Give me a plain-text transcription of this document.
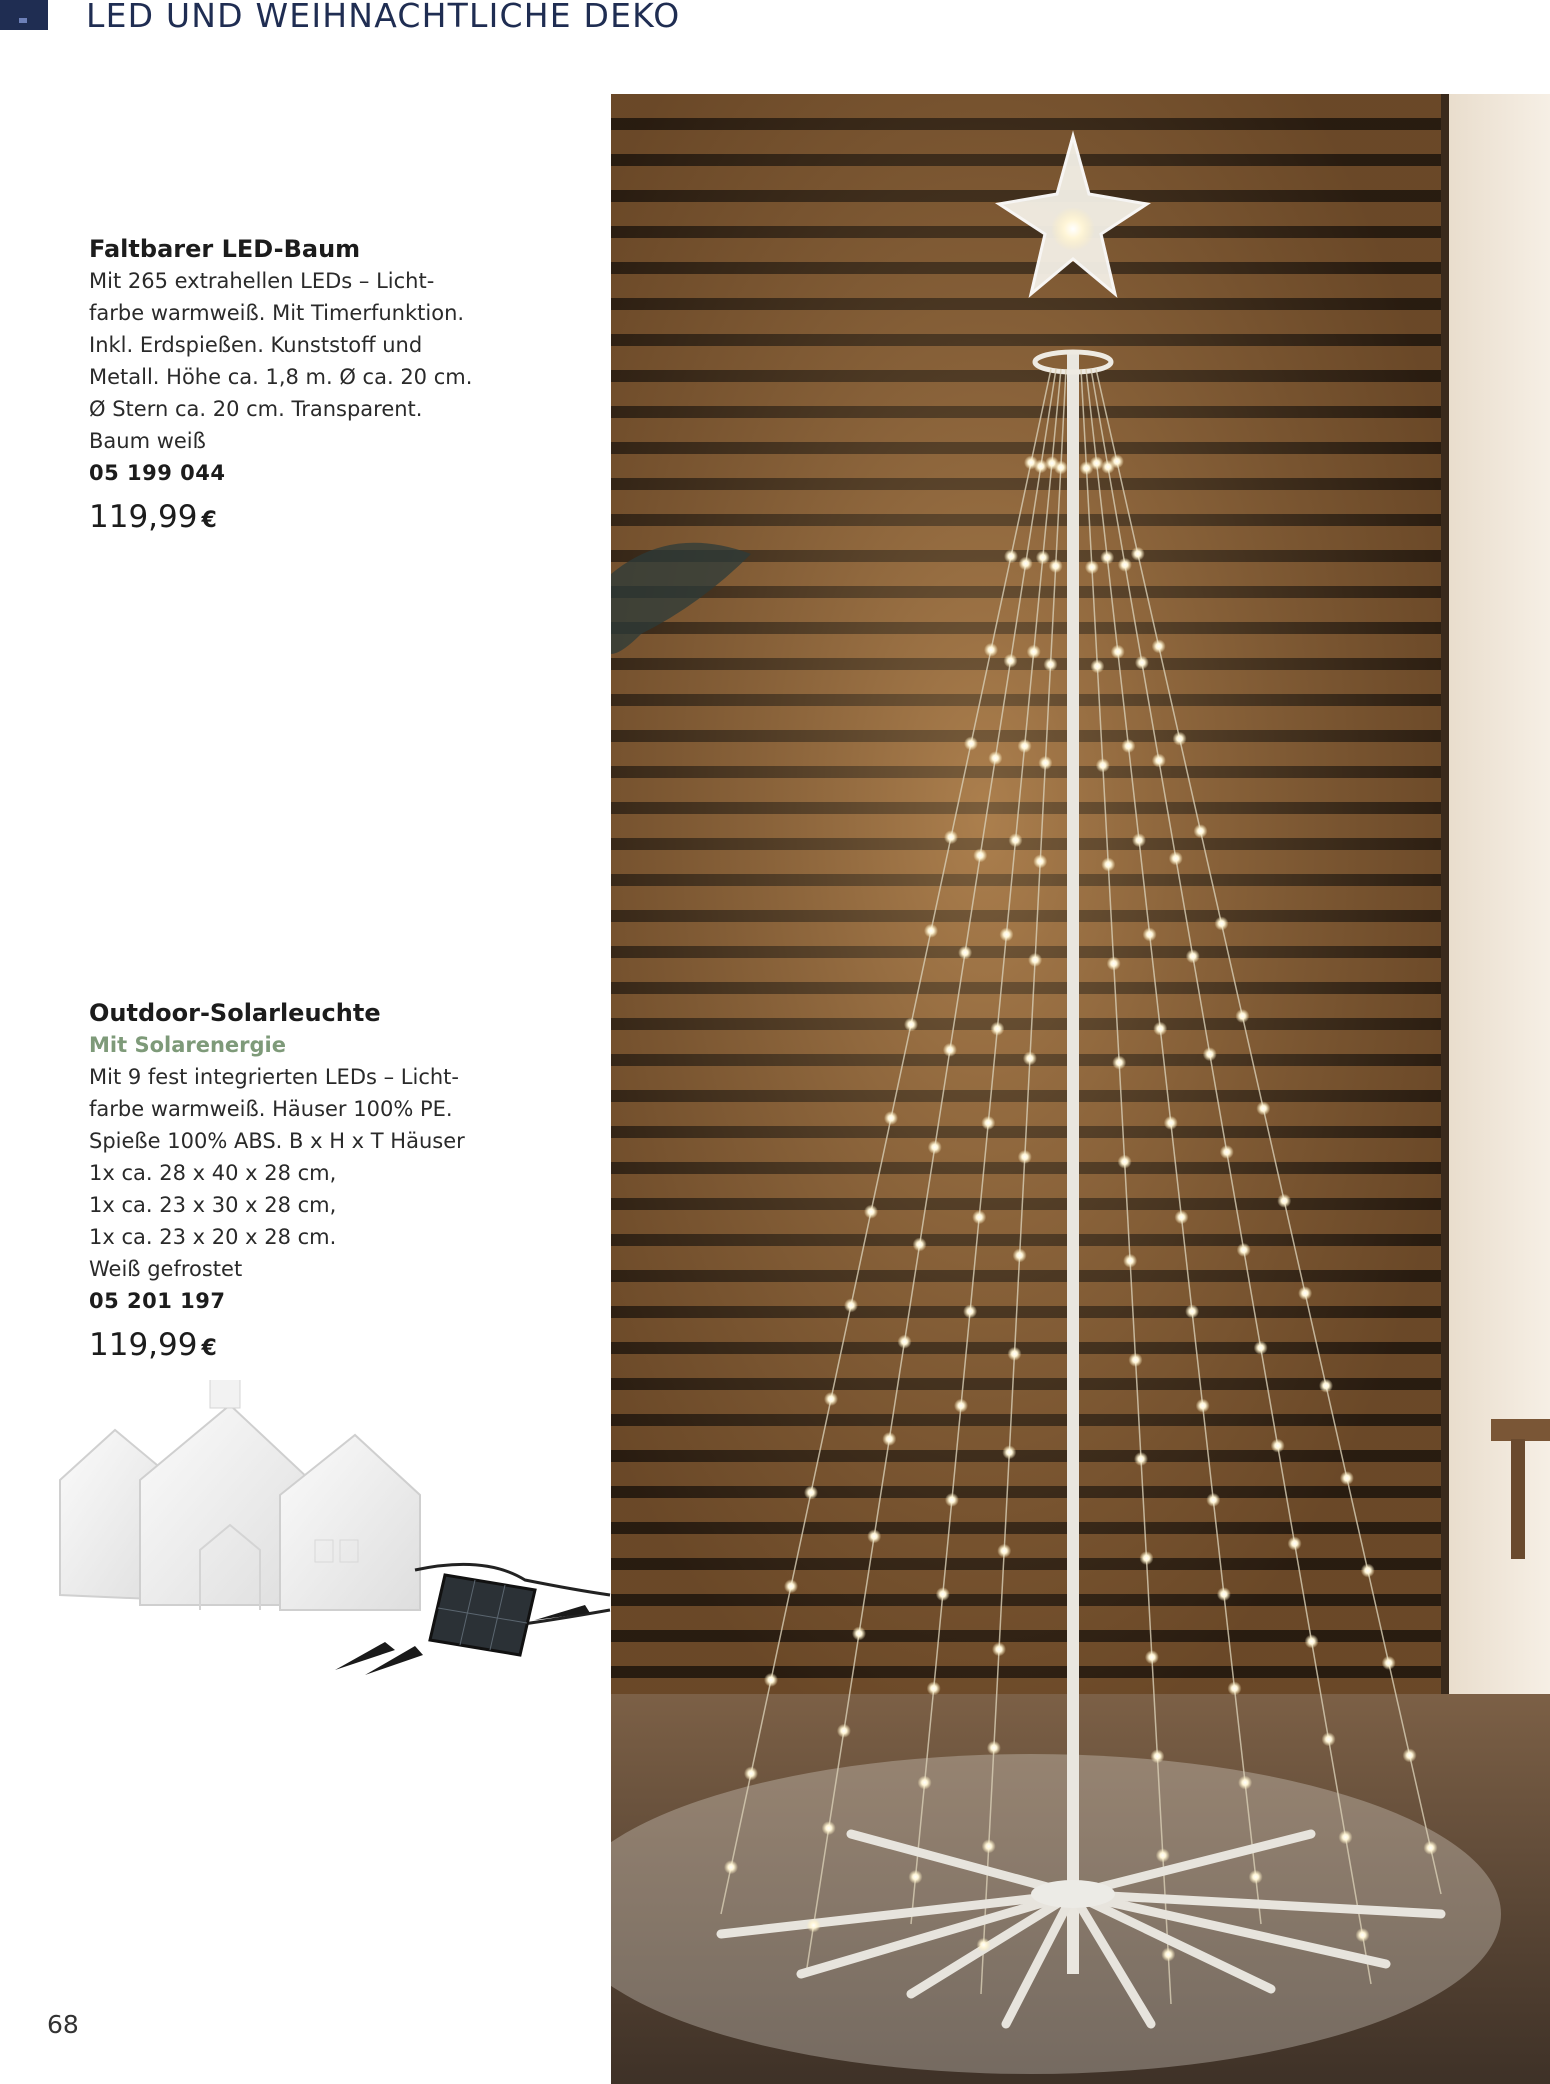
LED UND WEIHNACHTLICHE DEKO
Faltbarer LED-Baum
Mit 265 extrahellen LEDs – Licht-
farbe warmweiß. Mit Timerfunktion.
Inkl. Erdspießen. Kunststoff und
Metall. Höhe ca. 1,8 m. Ø ca. 20 cm.
Ø Stern ca. 20 cm. Transparent.
Baum weiß
05 199 044
119,99 €
Outdoor-Solarleuchte
Mit Solarenergie
Mit 9 fest integrierten LEDs – Licht-
farbe warmweiß. Häuser 100% PE.
Spieße 100% ABS. B x H x T Häuser
1x ca. 28 x 40 x 28 cm,
1x ca. 23 x 30 x 28 cm,
1x ca. 23 x 20 x 28 cm.
Weiß gefrostet
05 201 197
119,99 €
68
